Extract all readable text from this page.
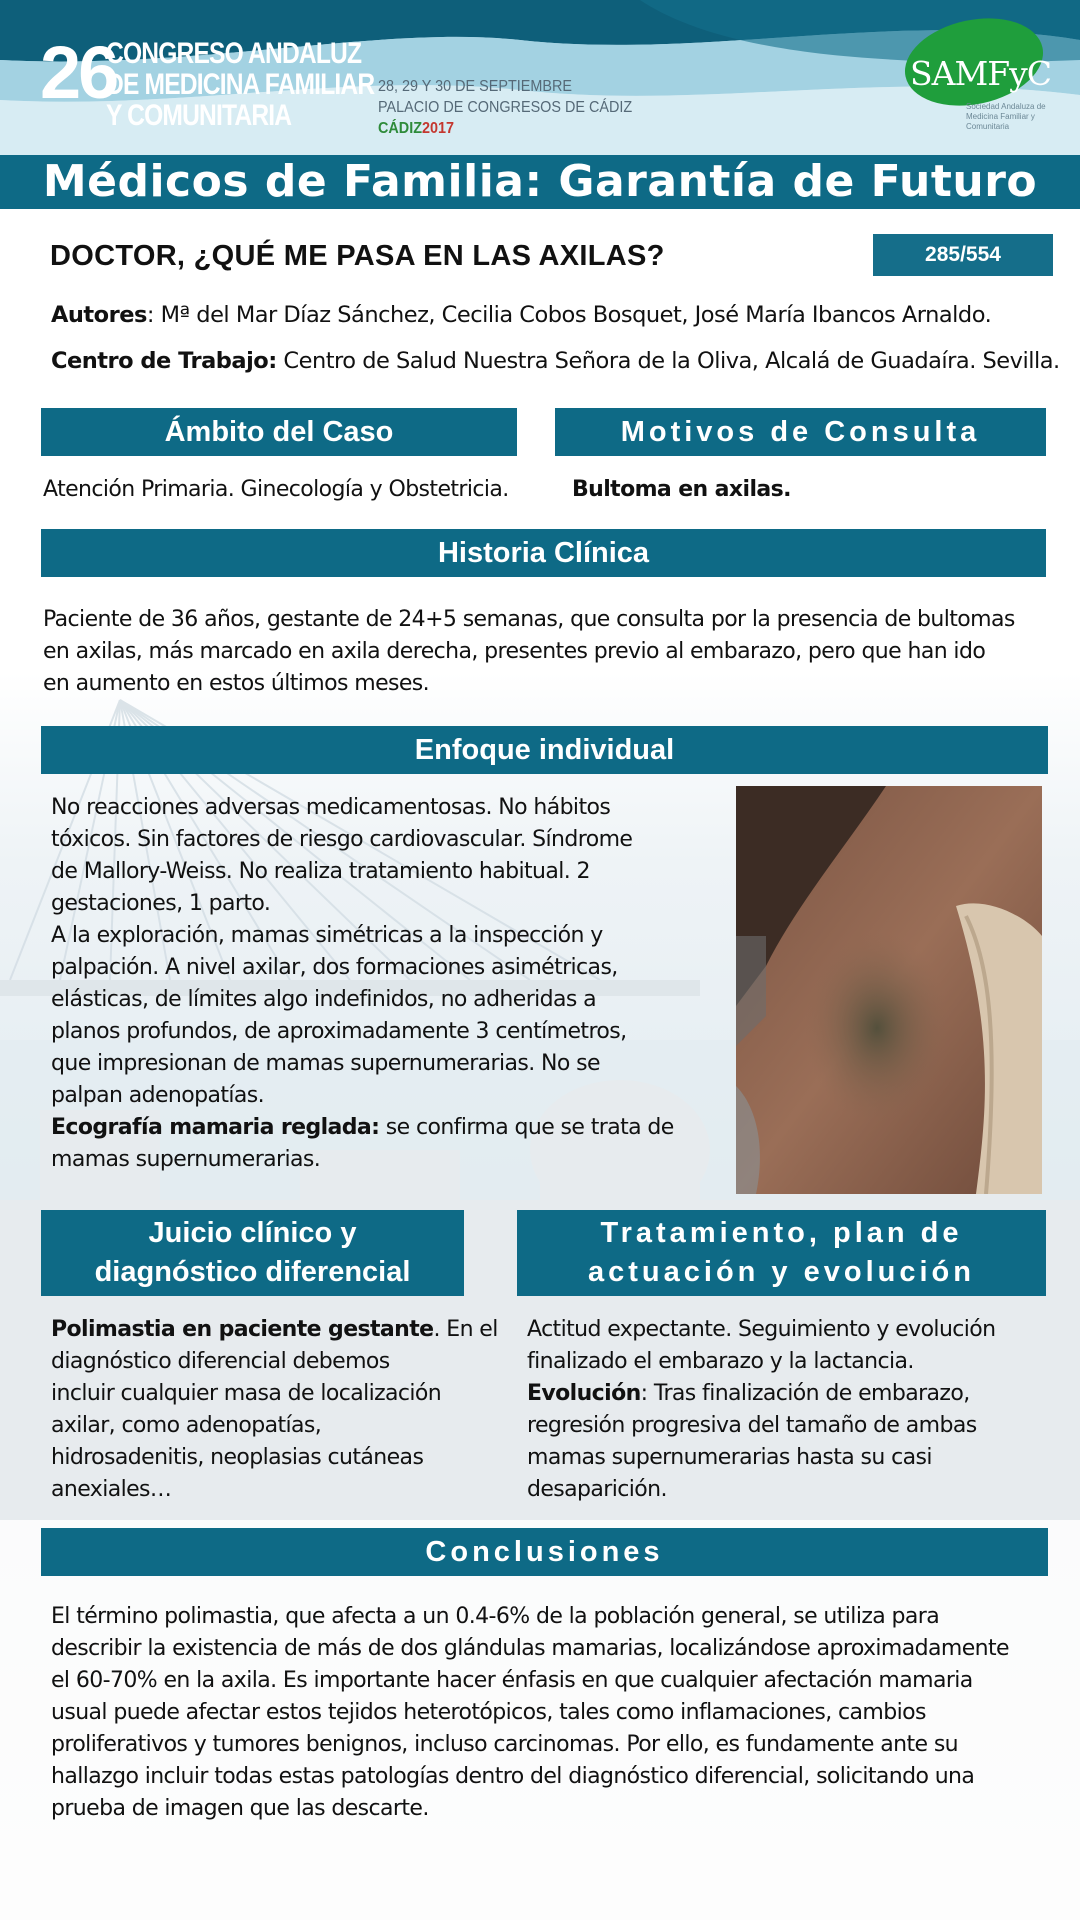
26
CONGRESO ANDALUZ
DE MEDICINA FAMILIAR
Y COMUNITARIA
28, 29 Y 30 DE SEPTIEMBRE
PALACIO DE CONGRESOS DE CÁDIZ
CÁDIZ2017
SAMFyC
Sociedad Andaluza de Medicina Familiar y Comunitaria
Médicos de Familia: Garantía de Futuro
DOCTOR, ¿QUÉ ME PASA EN LAS AXILAS?	285/554
Autores: Mª del Mar Díaz Sánchez, Cecilia Cobos Bosquet, José María Ibancos Arnaldo.
Centro de Trabajo: Centro de Salud Nuestra Señora de la Oliva, Alcalá de Guadaíra. Sevilla.
Ámbito del Caso	Motivos de Consulta
Atención Primaria. Ginecología y Obstetricia.	Bultoma en axilas.
Historia Clínica
Paciente de 36 años, gestante de 24+5 semanas, que consulta por la presencia de bultomas
en axilas, más marcado en axila derecha, presentes previo al embarazo, pero que han ido
en aumento en estos últimos meses.
Enfoque individual
No reacciones adversas medicamentosas. No hábitos
tóxicos. Sin factores de riesgo cardiovascular. Síndrome
de Mallory-Weiss. No realiza tratamiento habitual. 2
gestaciones, 1 parto.
A la exploración, mamas simétricas a la inspección y
palpación. A nivel axilar, dos formaciones asimétricas,
elásticas, de límites algo indefinidos, no adheridas a
planos profundos, de aproximadamente 3 centímetros,
que impresionan de mamas supernumerarias. No se
palpan adenopatías.
Ecografía mamaria reglada: se confirma que se trata de
mamas supernumerarias.
Juicio clínico y
diagnóstico diferencial
Tratamiento, plan de
actuación y evolución
Polimastia en paciente gestante. En el
diagnóstico diferencial debemos
incluir cualquier masa de localización
axilar, como adenopatías,
hidrosadenitis, neoplasias cutáneas
anexiales…
Actitud expectante. Seguimiento y evolución
finalizado el embarazo y la lactancia.
Evolución: Tras finalización de embarazo,
regresión progresiva del tamaño de ambas
mamas supernumerarias hasta su casi
desaparición.
Conclusiones
El término polimastia, que afecta a un 0.4-6% de la población general, se utiliza para
describir la existencia de más de dos glándulas mamarias, localizándose aproximadamente
el 60-70% en la axila. Es importante hacer énfasis en que cualquier afectación mamaria
usual puede afectar estos tejidos heterotópicos, tales como inflamaciones, cambios
proliferativos y tumores benignos, incluso carcinomas. Por ello, es fundamente ante su
hallazgo incluir todas estas patologías dentro del diagnóstico diferencial, solicitando una
prueba de imagen que las descarte.
